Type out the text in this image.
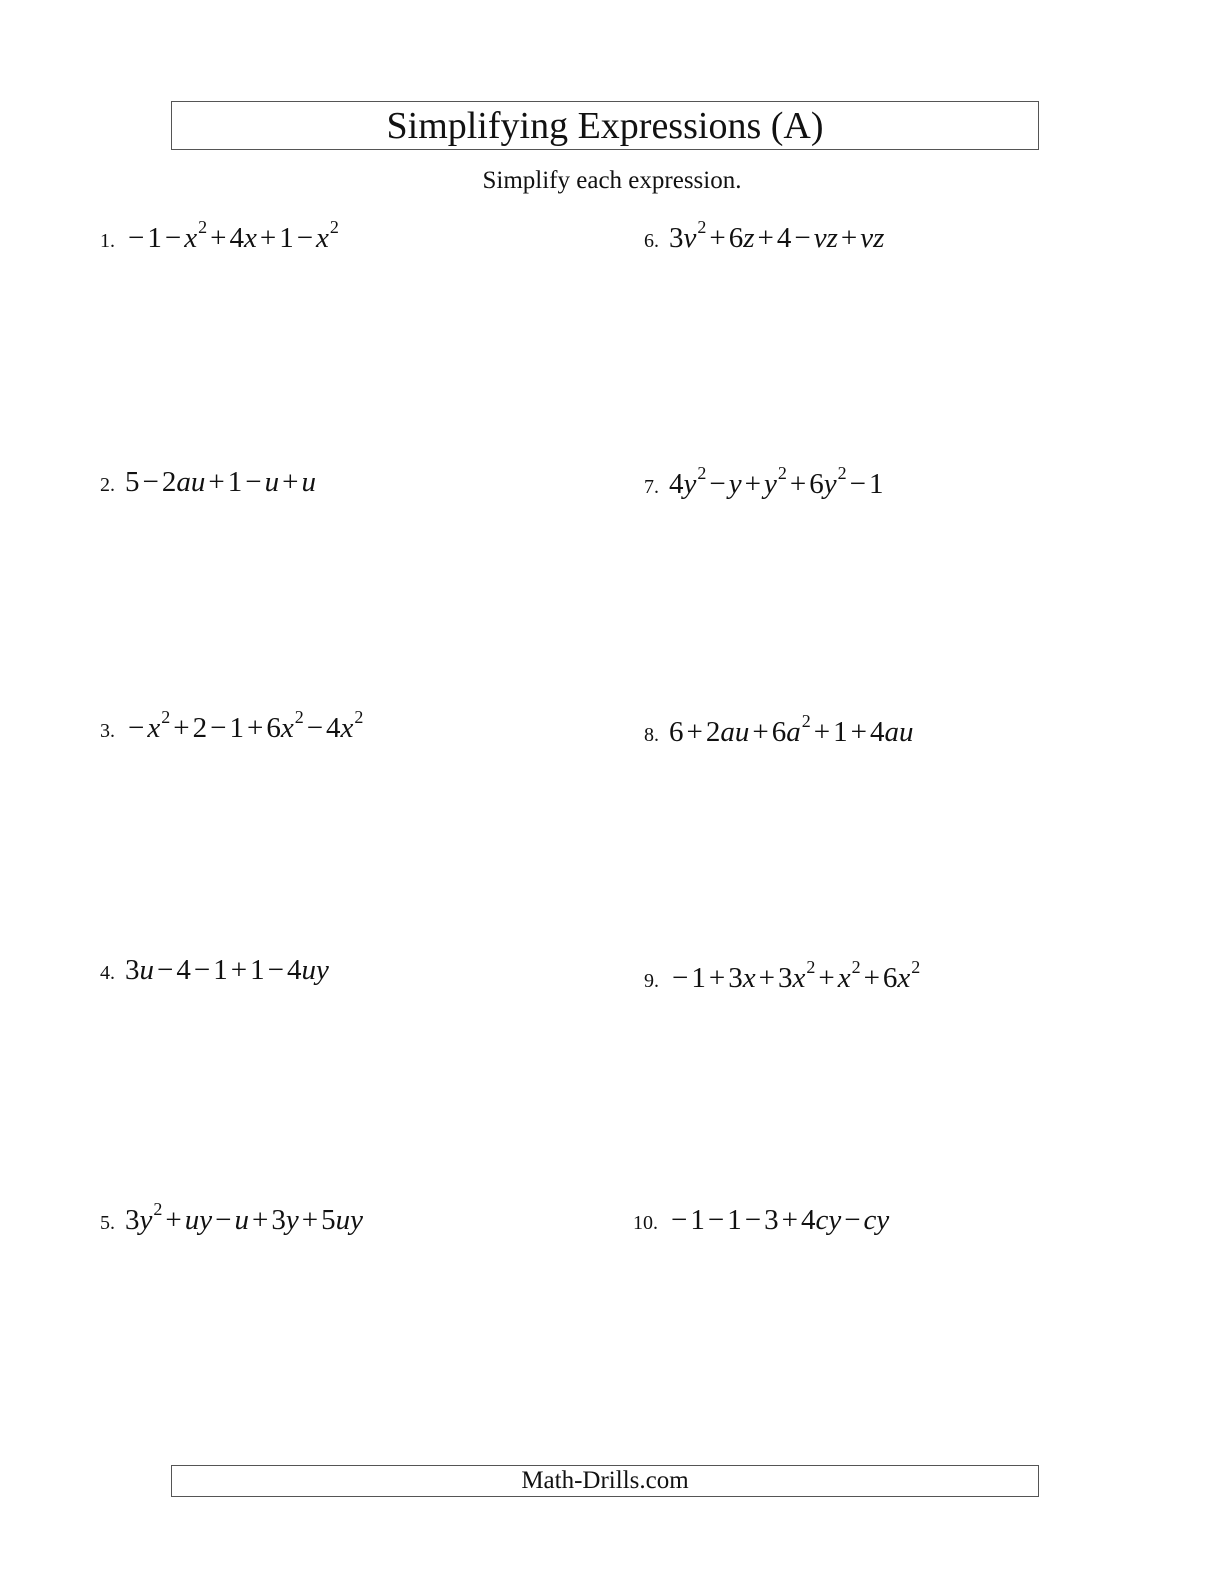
Simplifying Expressions (A)
Simplify each expression.
1. − $1 - x^2 + 4x + 1 - x^2$
2. 5 − 2au + 1 − u + u
3. − $x^2 + 2 - 1 + 6x^2 - 4x^2$
4. 3u − 4 − 1 + 1 − 4uy
5. $3y^2$ + uy − u + 3y + 5uy
6. $3v^2 + 6z + 4$ − vz + vz
7. $4y^2 - y + y^2 + 6y^2 - 1$
8. $6 + 2au + 6a^2 + 1 + 4au$
9. − $1 + 3x + 3x^2 + x^2 + 6x^2$
10. − 1 − 1 − 3 + 4cy − cy
Math-Drills.com
